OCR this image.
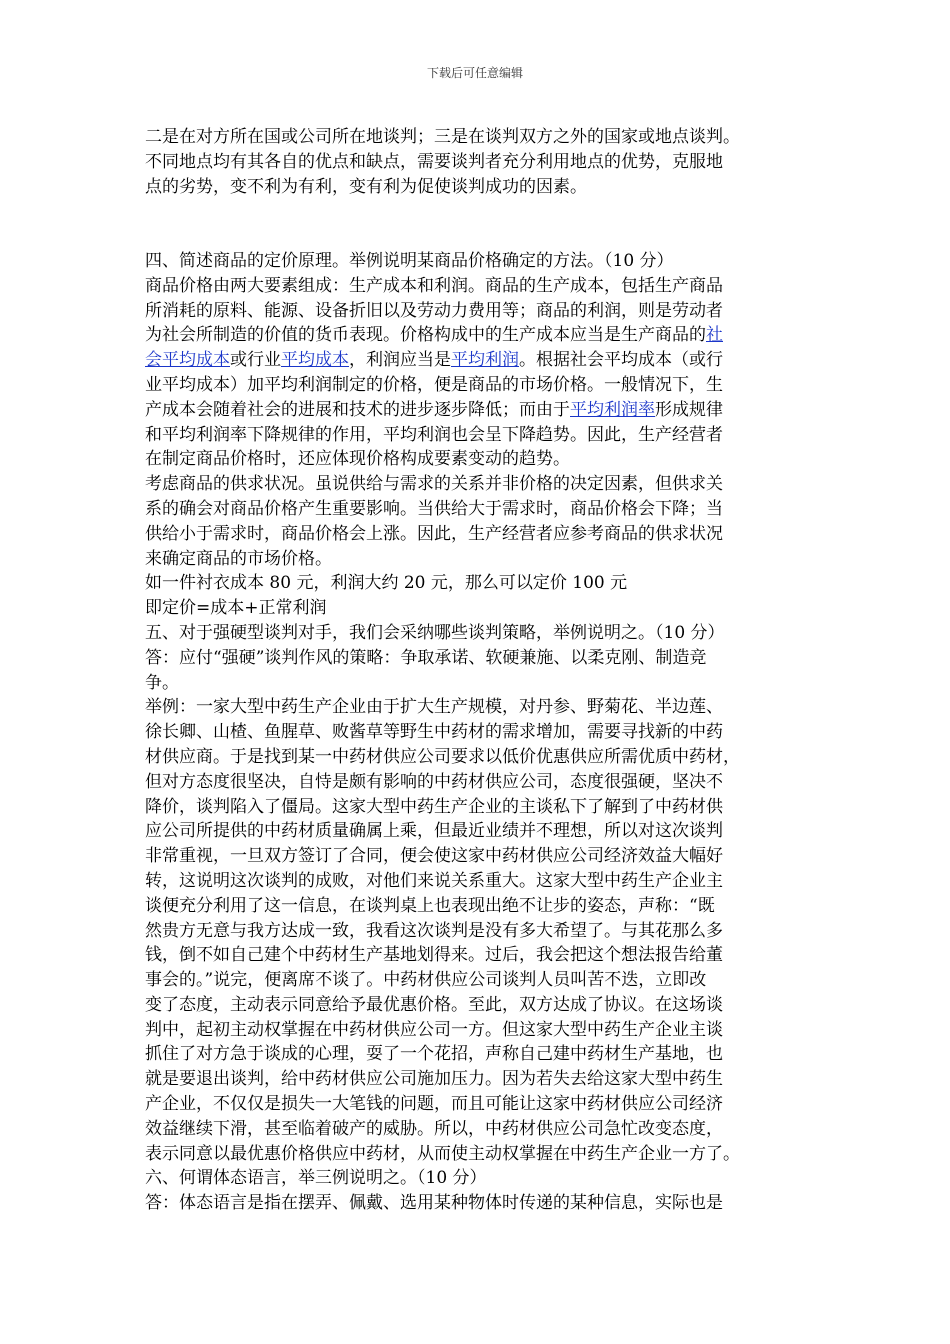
下载后可任意编辑
二是在对方所在国或公司所在地谈判；三是在谈判双方之外的国家或地点谈判。
不同地点均有其各自的优点和缺点，需要谈判者充分利用地点的优势，克服地
点的劣势，变不利为有利，变有利为促使谈判成功的因素。
四、简述商品的定价原理。举例说明某商品价格确定的方法。（10 分）
商品价格由两大要素组成：生产成本和利润。商品的生产成本，包括生产商品
所消耗的原料、能源、设备折旧以及劳动力费用等；商品的利润，则是劳动者
为社会所制造的价值的货币表现。价格构成中的生产成本应当是生产商品的社
会平均成本或行业平均成本，利润应当是平均利润。根据社会平均成本（或行
业平均成本）加平均利润制定的价格，便是商品的市场价格。一般情况下，生
产成本会随着社会的进展和技术的进步逐步降低；而由于平均利润率形成规律
和平均利润率下降规律的作用，平均利润也会呈下降趋势。因此，生产经营者
在制定商品价格时，还应体现价格构成要素变动的趋势。
考虑商品的供求状况。虽说供给与需求的关系并非价格的决定因素，但供求关
系的确会对商品价格产生重要影响。当供给大于需求时，商品价格会下降；当
供给小于需求时，商品价格会上涨。因此，生产经营者应参考商品的供求状况
来确定商品的市场价格。
如一件衬衣成本 80 元，利润大约 20 元，那么可以定价 100 元
即定价=成本+正常利润
五、对于强硬型谈判对手，我们会采纳哪些谈判策略，举例说明之。（10 分）
答：应付“强硬”谈判作风的策略：争取承诺、软硬兼施、以柔克刚、制造竞
争。
举例：一家大型中药生产企业由于扩大生产规模，对丹参、野菊花、半边莲、
徐长卿、山楂、鱼腥草、败酱草等野生中药材的需求增加，需要寻找新的中药
材供应商。于是找到某一中药材供应公司要求以低价优惠供应所需优质中药材，
但对方态度很坚决，自恃是颇有影响的中药材供应公司，态度很强硬，坚决不
降价，谈判陷入了僵局。这家大型中药生产企业的主谈私下了解到了中药材供
应公司所提供的中药材质量确属上乘，但最近业绩并不理想，所以对这次谈判
非常重视，一旦双方签订了合同，便会使这家中药材供应公司经济效益大幅好
转，这说明这次谈判的成败，对他们来说关系重大。这家大型中药生产企业主
谈便充分利用了这一信息，在谈判桌上也表现出绝不让步的姿态，声称：“既
然贵方无意与我方达成一致，我看这次谈判是没有多大希望了。与其花那么多
钱，倒不如自己建个中药材生产基地划得来。过后，我会把这个想法报告给董
事会的。”说完，便离席不谈了。中药材供应公司谈判人员叫苦不迭，立即改
变了态度，主动表示同意给予最优惠价格。至此，双方达成了协议。在这场谈
判中，起初主动权掌握在中药材供应公司一方。但这家大型中药生产企业主谈
抓住了对方急于谈成的心理，耍了一个花招，声称自己建中药材生产基地，也
就是要退出谈判，给中药材供应公司施加压力。因为若失去给这家大型中药生
产企业，不仅仅是损失一大笔钱的问题，而且可能让这家中药材供应公司经济
效益继续下滑，甚至临着破产的威胁。所以，中药材供应公司急忙改变态度，
表示同意以最优惠价格供应中药材，从而使主动权掌握在中药生产企业一方了。
六、何谓体态语言，举三例说明之。（10 分）
答：体态语言是指在摆弄、佩戴、选用某种物体时传递的某种信息，实际也是
